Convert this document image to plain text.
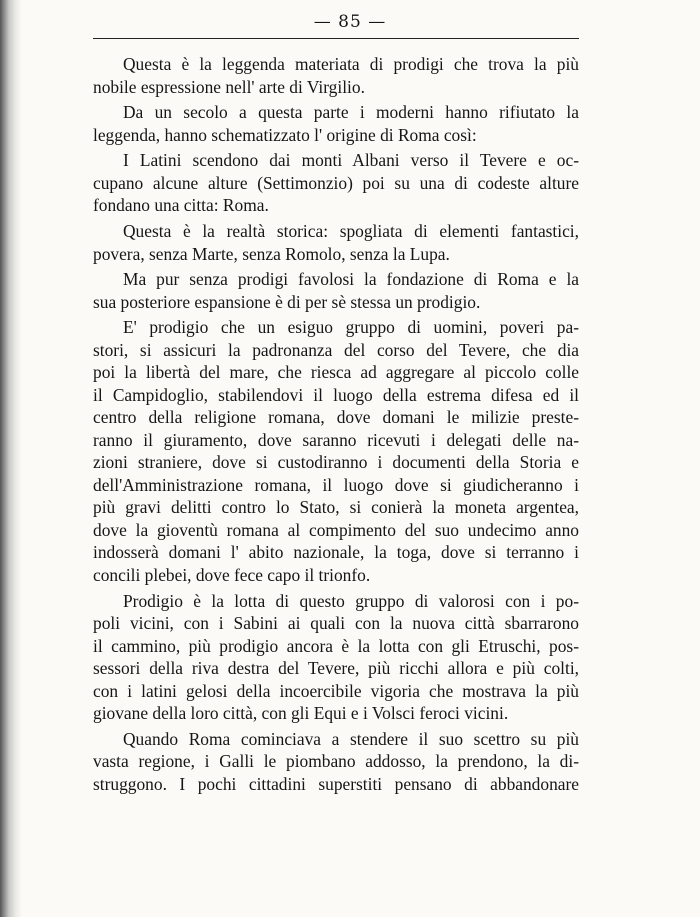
— 85 —

Questa è la leggenda materiata di prodigi che trova la più
nobile espressione nell' arte di Virgilio.

Da un secolo a questa parte i moderni hanno rifiutato la
leggenda, hanno schematizzato l' origine di Roma così:

I Latini scendono dai monti Albani verso il Tevere e oc-
cupano alcune alture (Settimonzio) poi su una di codeste alture
fondano una citta: Roma.

Questa è la realtà storica: spogliata di elementi fantastici,
povera, senza Marte, senza Romolo, senza la Lupa.

Ma pur senza prodigi favolosi la fondazione di Roma e la
sua posteriore espansione è di per sè stessa un prodigio.

E' prodigio che un esiguo gruppo di uomini, poveri pa-
stori, si assicuri la padronanza del corso del Tevere, che dia
poi la libertà del mare, che riesca ad aggregare al piccolo colle
il Campidoglio, stabilendovi il luogo della estrema difesa ed il
centro della religione romana, dove domani le milizie preste-
ranno il giuramento, dove saranno ricevuti i delegati delle na-
zioni straniere, dove si custodiranno i documenti della Storia e
dell'Amministrazione romana, il luogo dove si giudicheranno i
più gravi delitti contro lo Stato, si conierà la moneta argentea,
dove la gioventù romana al compimento del suo undecimo anno
indosserà domani l' abito nazionale, la toga, dove si terranno i
concili plebei, dove fece capo il trionfo.

Prodigio è la lotta di questo gruppo di valorosi con i po-
poli vicini, con i Sabini ai quali con la nuova città sbarrarono
il cammino, più prodigio ancora è la lotta con gli Etruschi, pos-
sessori della riva destra del Tevere, più ricchi allora e più colti,
con i latini gelosi della incoercibile vigoria che mostrava la più
giovane della loro città, con gli Equi e i Volsci feroci vicini.

Quando Roma cominciava a stendere il suo scettro su più
vasta regione, i Galli le piombano addosso, la prendono, la di-
struggono. I pochi cittadini superstiti pensano di abbandonare
